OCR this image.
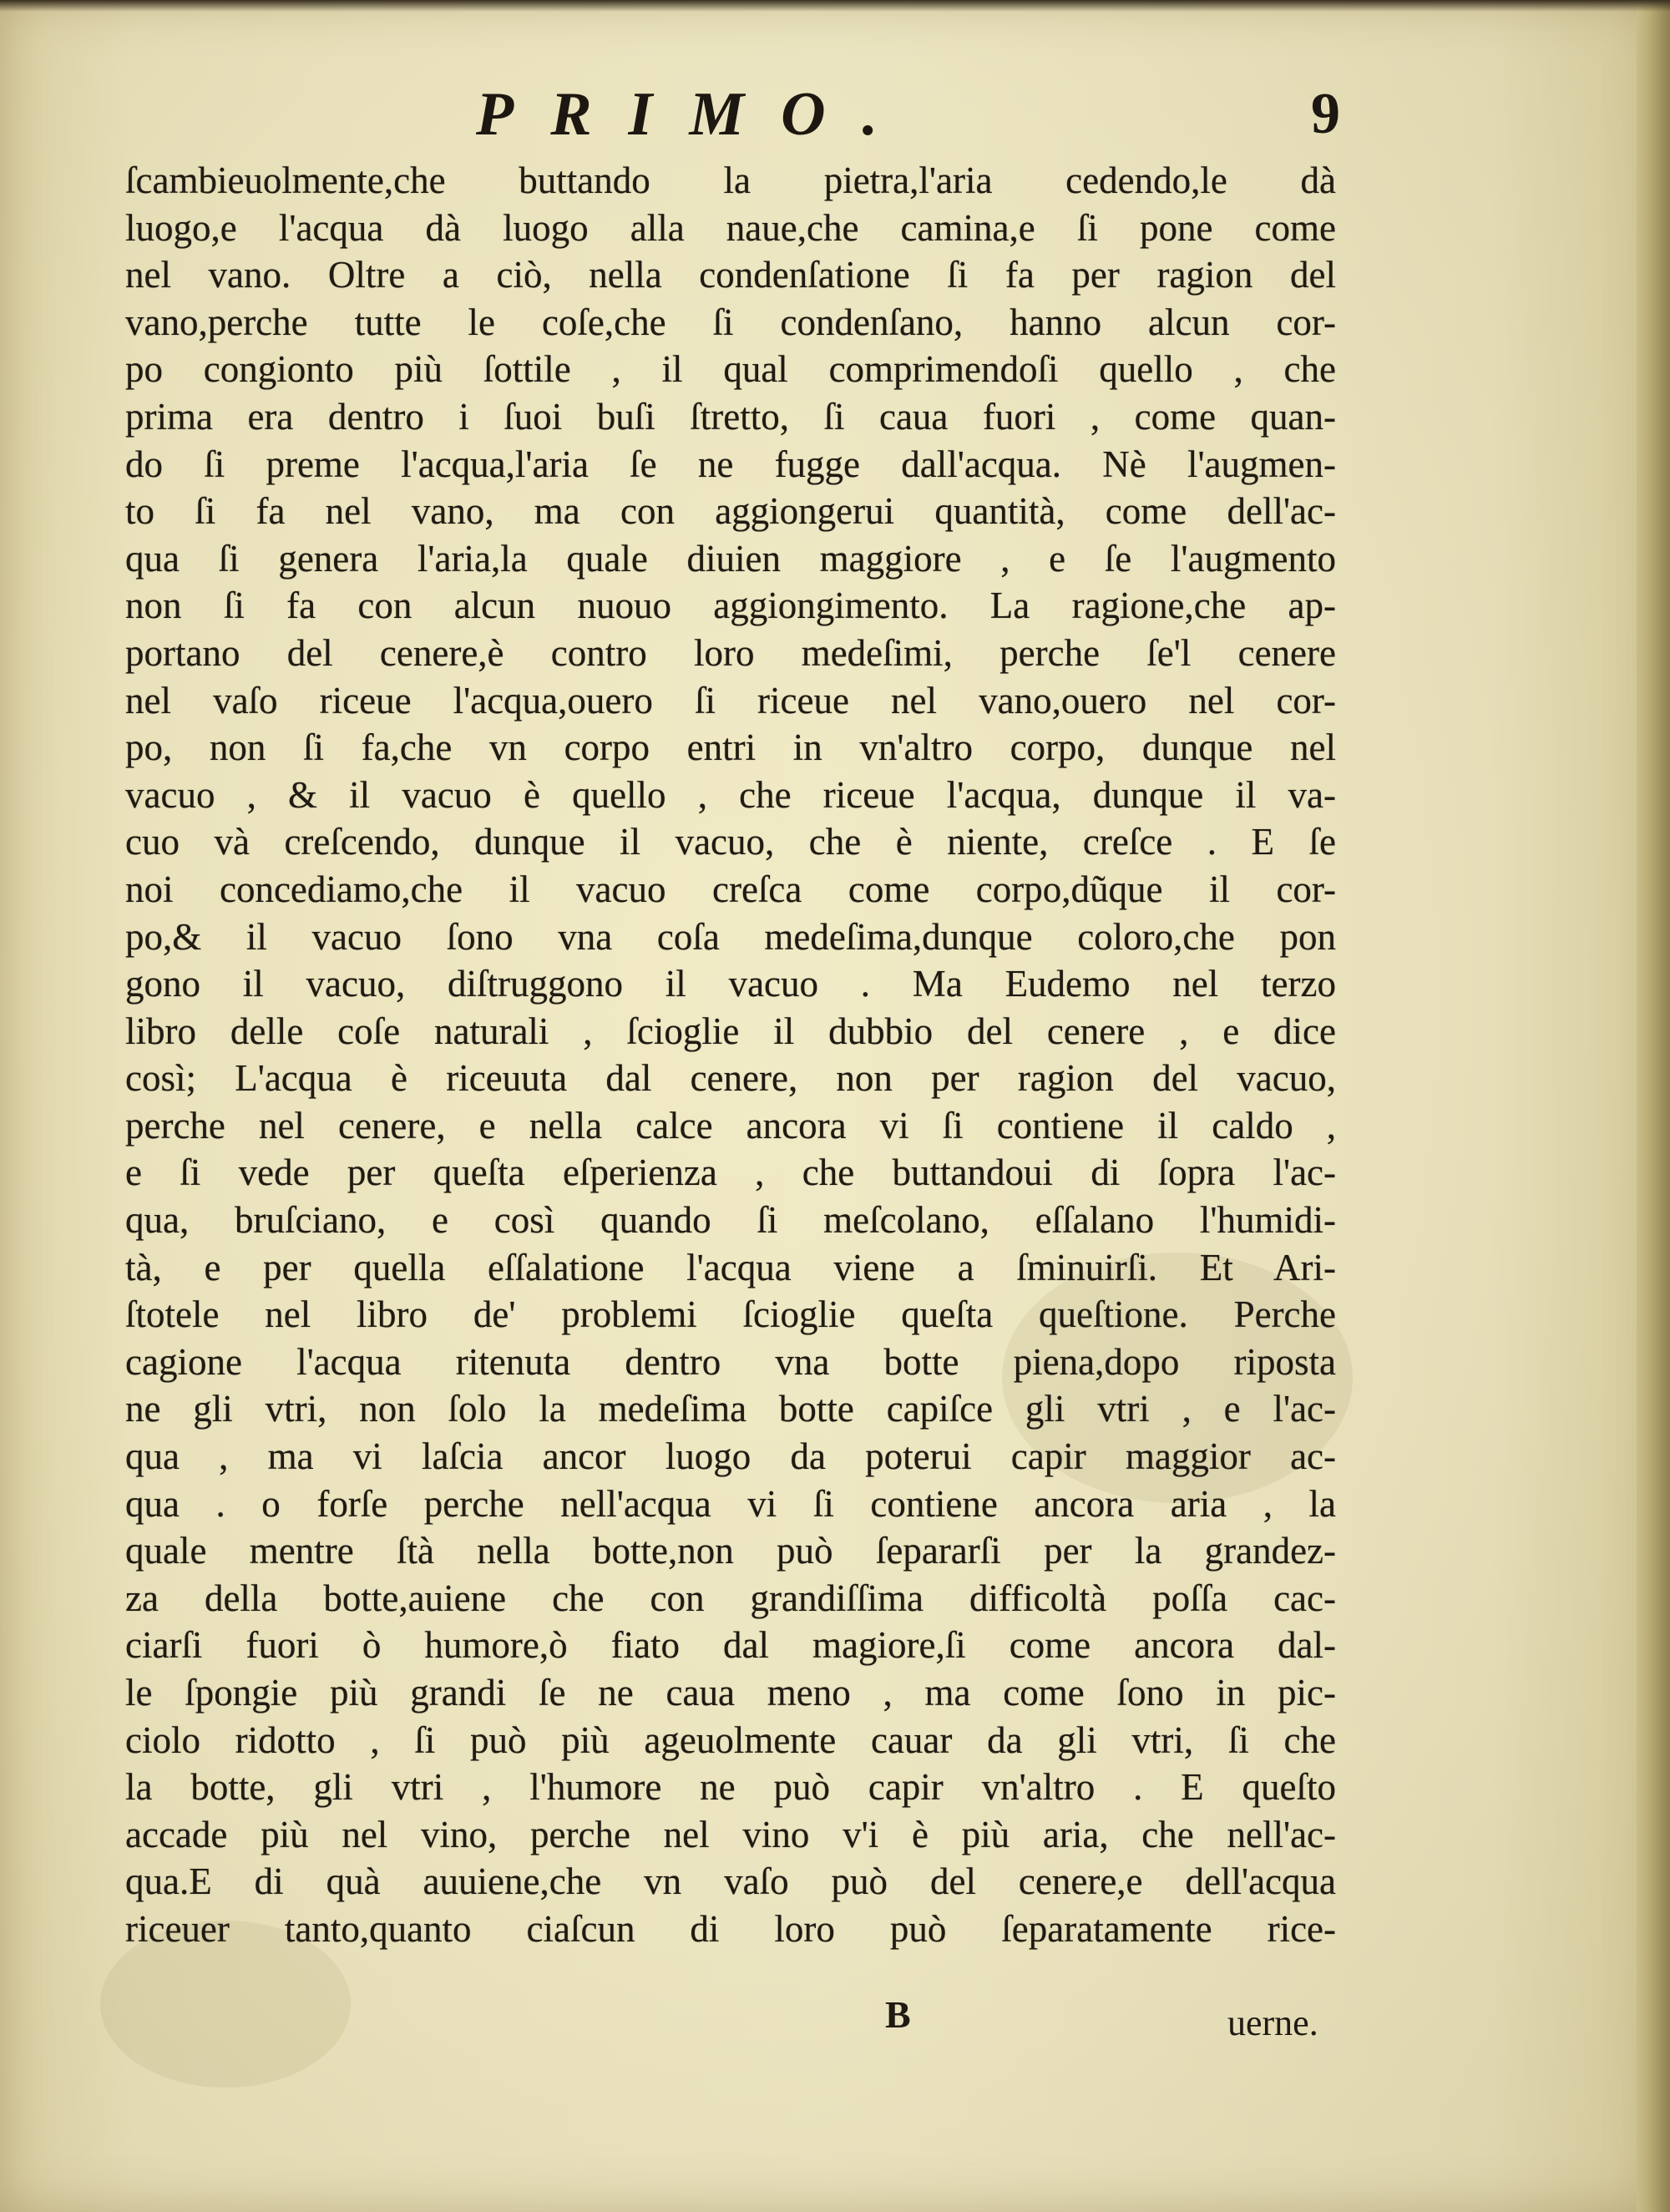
PRIMO.	9
ſcambieuolmente,che buttando la pietra,l'aria cedendo,le dà
luogo,e l'acqua dà luogo alla naue,che camina,e ſi pone come
nel vano. Oltre a ciò, nella condenſatione ſi fa per ragion del
vano,perche tutte le coſe,che ſi condenſano, hanno alcun cor-
po congionto più ſottile , il qual comprimendoſi quello , che
prima era dentro i ſuoi buſi ſtretto, ſi caua fuori , come quan-
do ſi preme l'acqua,l'aria ſe ne fugge dall'acqua. Nè l'augmen-
to ſi fa nel vano, ma con aggiongerui quantità, come dell'ac-
qua ſi genera l'aria,la quale diuien maggiore , e ſe l'augmento
non ſi fa con alcun nuouo aggiongimento. La ragione,che ap-
portano del cenere,è contro loro medeſimi, perche ſe'l cenere
nel vaſo riceue l'acqua,ouero ſi riceue nel vano,ouero nel cor-
po, non ſi fa,che vn corpo entri in vn'altro corpo, dunque nel
vacuo , & il vacuo è quello , che riceue l'acqua, dunque il va-
cuo và creſcendo, dunque il vacuo, che è niente, creſce . E ſe
noi concediamo,che il vacuo creſca come corpo,dũque il cor-
po,& il vacuo ſono vna coſa medeſima,dunque coloro,che pon
gono il vacuo, diſtruggono il vacuo . Ma Eudemo nel terzo
libro delle coſe naturali , ſcioglie il dubbio del cenere , e dice
così; L'acqua è riceuuta dal cenere, non per ragion del vacuo,
perche nel cenere, e nella calce ancora vi ſi contiene il caldo ,
e ſi vede per queſta eſperienza , che buttandoui di ſopra l'ac-
qua, bruſciano, e così quando ſi meſcolano, eſſalano l'humidi-
tà, e per quella eſſalatione l'acqua viene a ſminuirſi. Et Ari-
ſtotele nel libro de' problemi ſcioglie queſta queſtione. Perche
cagione l'acqua ritenuta dentro vna botte piena,dopo riposta
ne gli vtri, non ſolo la medeſima botte capiſce gli vtri , e l'ac-
qua , ma vi laſcia ancor luogo da poterui capir maggior ac-
qua . o forſe perche nell'acqua vi ſi contiene ancora aria , la
quale mentre ſtà nella botte,non può ſepararſi per la grandez-
za della botte,auiene che con grandiſſima difficoltà poſſa cac-
ciarſi fuori ò humore,ò fiato dal magiore,ſi come ancora dal-
le ſpongie più grandi ſe ne caua meno , ma come ſono in pic-
ciolo ridotto , ſi può più ageuolmente cauar da gli vtri, ſi che
la botte, gli vtri , l'humore ne può capir vn'altro . E queſto
accade più nel vino, perche nel vino v'i è più aria, che nell'ac-
qua.E di quà auuiene,che vn vaſo può del cenere,e dell'acqua
riceuer tanto,quanto ciaſcun di loro può ſeparatamente rice-
B	uerne.
